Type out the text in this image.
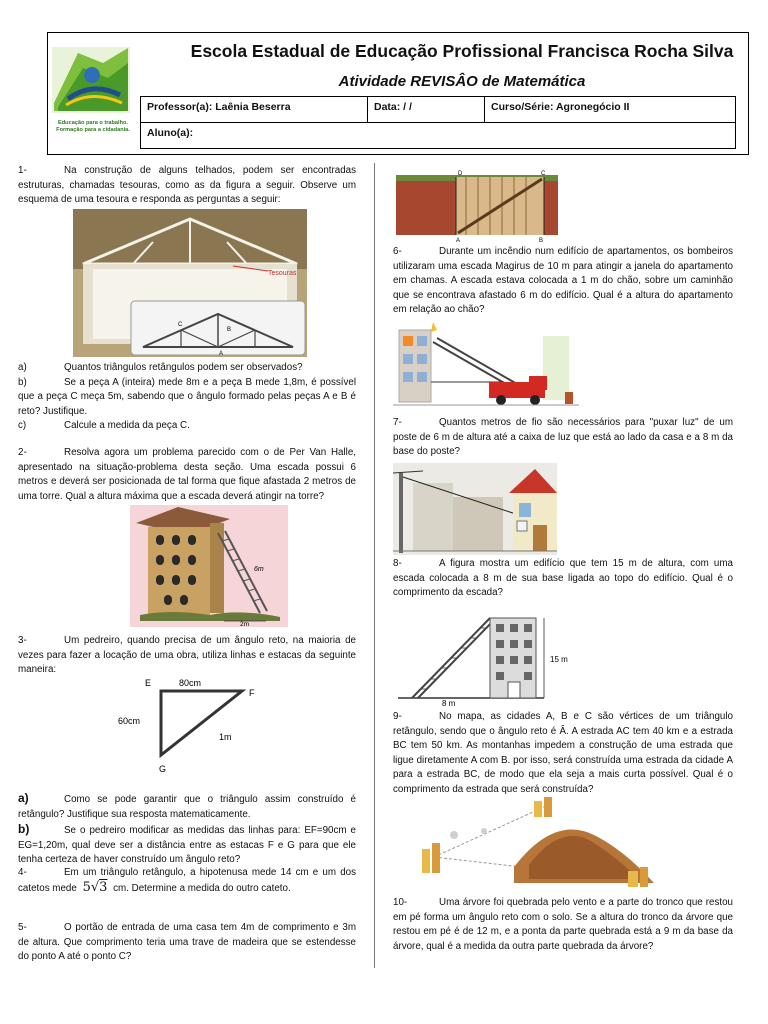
Educação para o trabalho.
Formação para a cidadania.
Escola Estadual de Educação Profissional Francisca Rocha Silva
Atividade REVISÂO de Matemática
Professor(a): Laênia Beserra	Data: / /	Curso/Série: Agronegócio II
Aluno(a):

1-	Na construção de alguns telhados, podem ser encontradas estruturas, chamadas tesouras, como as da figura a seguir. Observe um esquema de uma tesoura e responda as perguntas a seguir:

Tesouras
C
B
A

a)	Quantos triângulos retângulos podem ser observados?

b)	Se a peça A (inteira) mede 8m e a peça B mede 1,8m, é possível que a peça C meça 5m, sabendo que o ângulo formado pelas peças A e B é reto? Justifique.

c)	Calcule a medida da peça C.

2-	Resolva agora um problema parecido com o de Per Van Halle, apresentado na situação-problema desta seção. Uma escada possui 6 metros e deverá ser posicionada de tal forma que fique afastada 2 metros de uma torre. Qual a altura máxima que a escada deverá atingir na torre?

6m
2m

3-	Um pedreiro, quando precisa de um ângulo reto, na maioria de vezes para fazer a locação de uma obra, utiliza linhas e estacas da seguinte maneira:

E
F
G
80cm
60cm
1m

a)	Como se pode garantir que o triângulo assim construído é retângulo? Justifique sua resposta matematicamente.

b)	Se o pedreiro modificar as medidas das linhas para: EF=90cm e EG=1,20m, qual deve ser a distância entre as estacas F e G para que ele tenha certeza de haver construído um ângulo reto?

4-	Em um triângulo retângulo, a hipotenusa mede 14 cm e um dos catetos mede 5√3 cm. Determine a medida do outro cateto.

5-	O portão de entrada de uma casa tem 4m de comprimento e 3m de altura. Que comprimento teria uma trave de madeira que se estendesse do ponto A até o ponto C?

D	C
A	B

6-	Durante um incêndio num edifício de apartamentos, os bombeiros utilizaram uma escada Magirus de 10 m para atingir a janela do apartamento em chamas. A escada estava colocada a 1 m do chão, sobre um caminhão que se encontrava afastado 6 m do edifício. Qual é a altura do apartamento em relação ao chão?

7-	Quantos metros de fio são necessários para "puxar luz" de um poste de 6 m de altura até a caixa de luz que está ao lado da casa e a 8 m da base do poste?

8-	A figura mostra um edifício que tem 15 m de altura, com uma escada colocada a 8 m de sua base ligada ao topo do edifício. Qual é o comprimento da escada?

15 m
8 m

9-	No mapa, as cidades A, B e C são vértices de um triângulo retângulo, sendo que o ângulo reto é Â. A estrada AC tem 40 km e a estrada BC tem 50 km. As montanhas impedem a construção de uma estrada que ligue diretamente A com B. por isso, será construída uma estrada da cidade A para a estrada BC, de modo que ela seja a mais curta possível. Qual é o comprimento da estrada que será construída?

10-	Uma árvore foi quebrada pelo vento e a parte do tronco que restou em pé forma um ângulo reto com o solo. Se a altura do tronco da árvore que restou em pé é de 12 m, e a ponta da parte quebrada está a 9 m da base da árvore, qual é a medida da outra parte quebrada da árvore?
